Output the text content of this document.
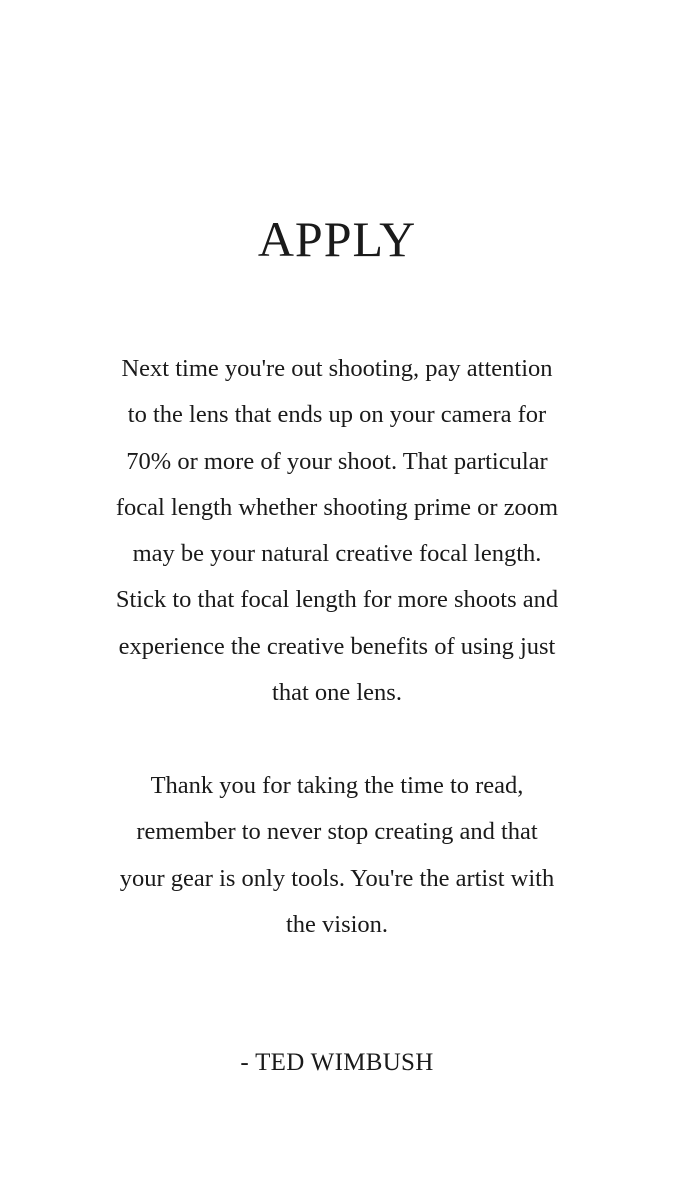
APPLY

Next time you're out shooting, pay attention
to the lens that ends up on your camera for
70% or more of your shoot. That particular
focal length whether shooting prime or zoom
may be your natural creative focal length.
Stick to that focal length for more shoots and
experience the creative benefits of using just
that one lens.

Thank you for taking the time to read,
remember to never stop creating and that
your gear is only tools. You're the artist with
the vision.

- TED WIMBUSH
